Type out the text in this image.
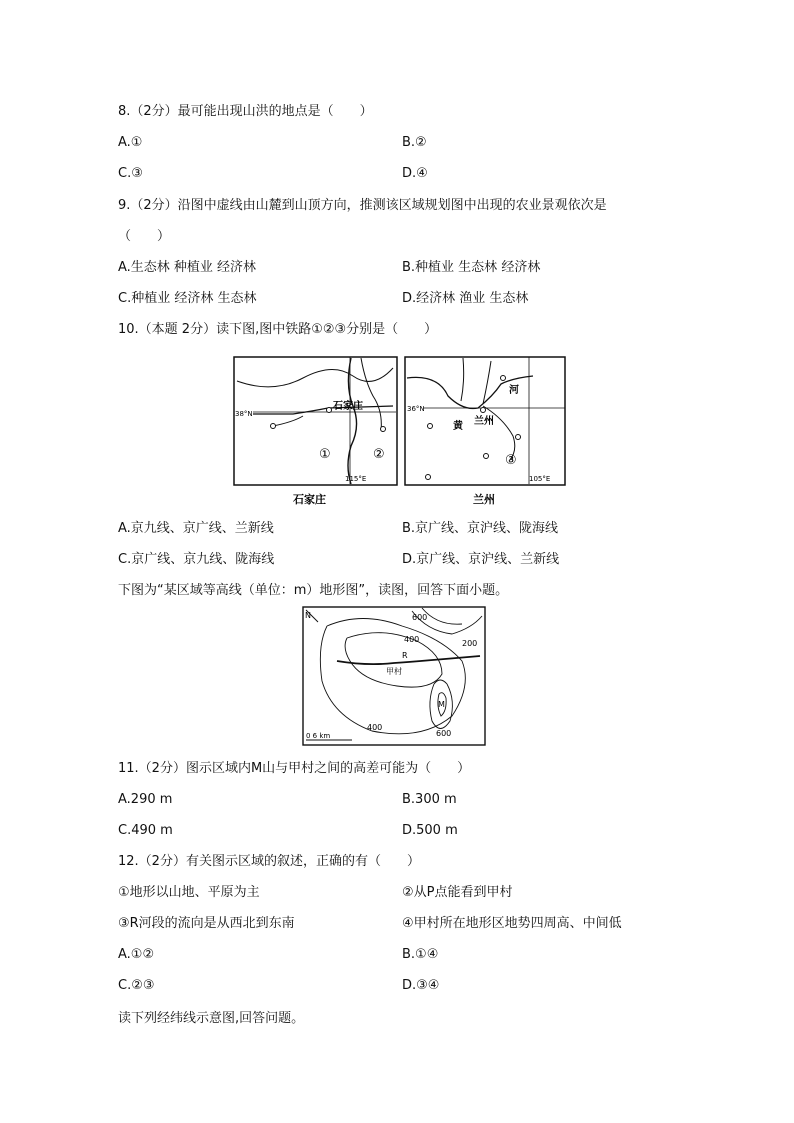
8.（2分）最可能出现山洪的地点是（　　）
A.①	B.②
C.③	D.④
9.（2分）沿图中虚线由山麓到山顶方向，推测该区域规划图中出现的农业景观依次是
（　　）
A.生态林 种植业 经济林	B.种植业 生态林 经济林
C.种植业 经济林 生态林	D.经济林 渔业 生态林
10.（本题 2分）读下图,图中铁路①②③分别是（　　）
38°N
石家庄
①	②
115°E
石家庄
36°N
黄
河
兰州
③
105°E
兰州
A.京九线、京广线、兰新线	B.京广线、京沪线、陇海线
C.京广线、京九线、陇海线	D.京广线、京沪线、兰新线
下图为“某区域等高线（单位：m）地形图”，读图，回答下面小题。
N	600
400	200
600
400
M
甲村
R
0 6 km
11.（2分）图示区域内M山与甲村之间的高差可能为（　　）
A.290 m	B.300 m
C.490 m	D.500 m
12.（2分）有关图示区域的叙述，正确的有（　　）
①地形以山地、平原为主	②从P点能看到甲村
③R河段的流向是从西北到东南	④甲村所在地形区地势四周高、中间低
A.①②	B.①④
C.②③	D.③④
读下列经纬线示意图,回答问题。
